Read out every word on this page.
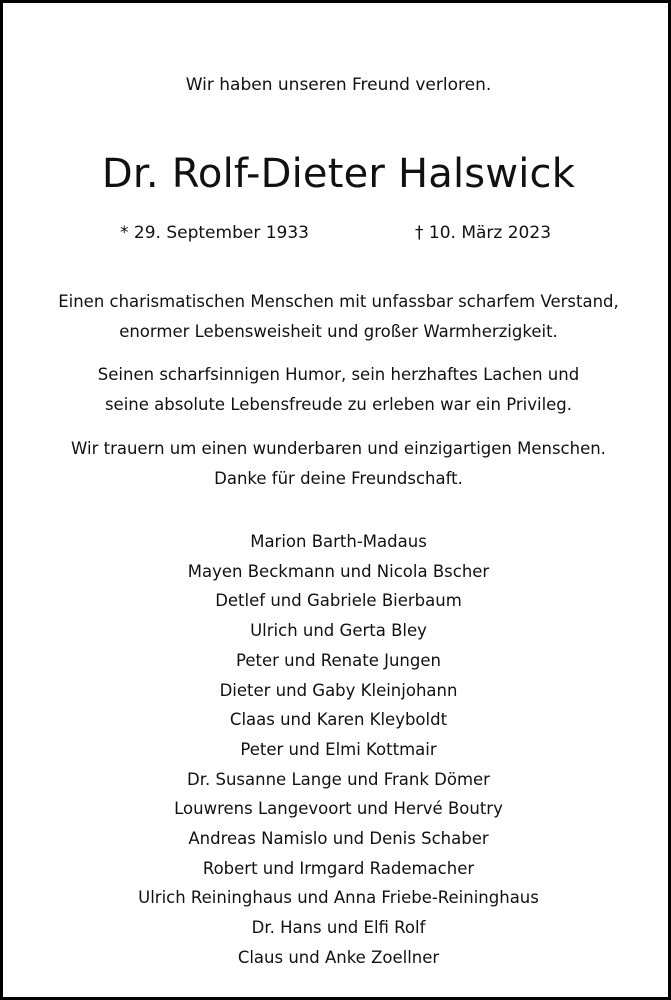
Wir haben unseren Freund verloren.
Dr. Rolf-Dieter Halswick
* 29. September 1933	† 10. März 2023
Einen charismatischen Menschen mit unfassbar scharfem Verstand,
enormer Lebensweisheit und großer Warmherzigkeit.
Seinen scharfsinnigen Humor, sein herzhaftes Lachen und
seine absolute Lebensfreude zu erleben war ein Privileg.
Wir trauern um einen wunderbaren und einzigartigen Menschen.
Danke für deine Freundschaft.
Marion Barth-Madaus
Mayen Beckmann und Nicola Bscher
Detlef und Gabriele Bierbaum
Ulrich und Gerta Bley
Peter und Renate Jungen
Dieter und Gaby Kleinjohann
Claas und Karen Kleyboldt
Peter und Elmi Kottmair
Dr. Susanne Lange und Frank Dömer
Louwrens Langevoort und Hervé Boutry
Andreas Namislo und Denis Schaber
Robert und Irmgard Rademacher
Ulrich Reininghaus und Anna Friebe-Reininghaus
Dr. Hans und Elfi Rolf
Claus und Anke Zoellner
